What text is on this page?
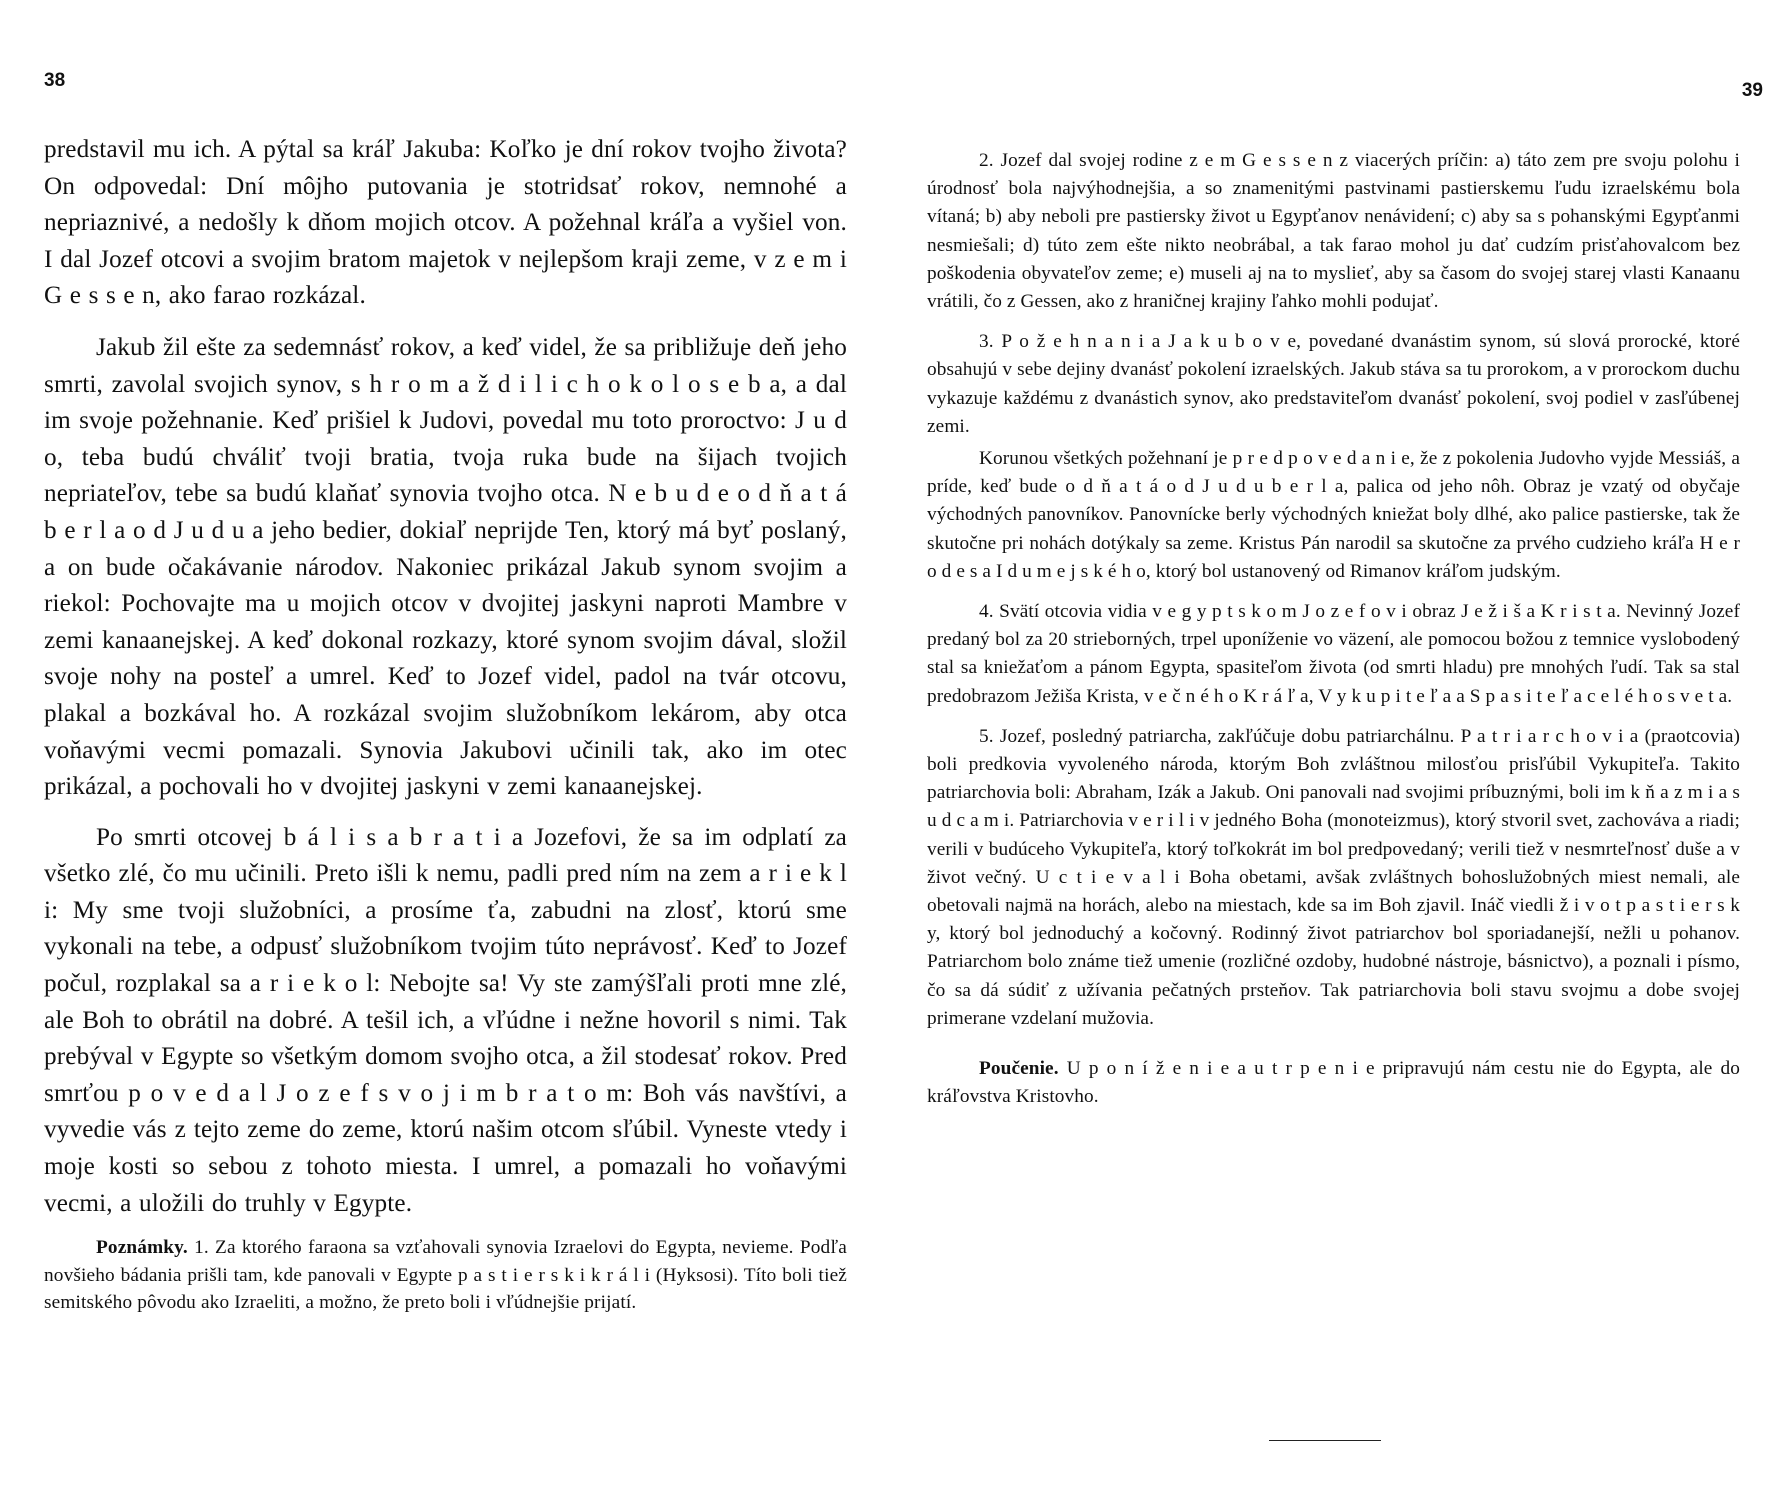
38

predstavil mu ich. A pýtal sa kráľ Jakuba: Koľko je dní rokov tvojho života? On odpovedal: Dní môjho putovania je stotridsať rokov, nemnohé a nepriaznivé, a nedošly k dňom mojich otcov. A požehnal kráľa a vyšiel von. I dal Jozef otcovi a svojim bratom majetok v nejlepšom kraji zeme, v z e m i G e s s e n, ako farao rozkázal.

Jakub žil ešte za sedemnásť rokov, a keď videl, že sa približuje deň jeho smrti, zavolal svojich synov, s h r o m a ž d i l i c h o k o l o s e b a, a dal im svoje požehnanie. Keď prišiel k Judovi, povedal mu toto proroctvo: J u d o, teba budú chváliť tvoji bratia, tvoja ruka bude na šijach tvojich nepriateľov, tebe sa budú klaňať synovia tvojho otca. N e b u d e o d ň a t á b e r l a o d J u d u a jeho bedier, dokiaľ neprijde Ten, ktorý má byť poslaný, a on bude očakávanie národov. Nakoniec prikázal Jakub synom svojim a riekol: Pochovajte ma u mojich otcov v dvojitej jaskyni naproti Mambre v zemi kanaanejskej. A keď dokonal rozkazy, ktoré synom svojim dával, složil svoje nohy na posteľ a umrel. Keď to Jozef videl, padol na tvár otcovu, plakal a bozkával ho. A rozkázal svojim služobníkom lekárom, aby otca voňavými vecmi pomazali. Synovia Jakubovi učinili tak, ako im otec prikázal, a pochovali ho v dvojitej jaskyni v zemi kanaanejskej.

Po smrti otcovej b á l i s a b r a t i a Jozefovi, že sa im odplatí za všetko zlé, čo mu učinili. Preto išli k nemu, padli pred ním na zem a r i e k l i: My sme tvoji služobníci, a prosíme ťa, zabudni na zlosť, ktorú sme vykonali na tebe, a odpusť služobníkom tvojim túto neprávosť. Keď to Jozef počul, rozplakal sa a r i e k o l: Nebojte sa! Vy ste zamýšľali proti mne zlé, ale Boh to obrátil na dobré. A tešil ich, a vľúdne i nežne hovoril s nimi. Tak prebýval v Egypte so všetkým domom svojho otca, a žil stodesať rokov. Pred smrťou p o v e d a l J o z e f s v o j i m b r a t o m: Boh vás navštívi, a vyvedie vás z tejto zeme do zeme, ktorú našim otcom sľúbil. Vyneste vtedy i moje kosti so sebou z tohoto miesta. I umrel, a pomazali ho voňavými vecmi, a uložili do truhly v Egypte.

Poznámky. 1. Za ktorého faraona sa vzťahovali synovia Izraelovi do Egypta, nevieme. Podľa novšieho bádania prišli tam, kde panovali v Egypte p a s t i e r s k i k r á l i (Hyksosi). Títo boli tiež semitského pôvodu ako Izraeliti, a možno, že preto boli i vľúdnejšie prijatí.

39

2. Jozef dal svojej rodine z e m G e s s e n z viacerých príčin: a) táto zem pre svoju polohu i úrodnosť bola najvýhodnejšia, a so znamenitými pastvinami pastierskemu ľudu izraelskému bola vítaná; b) aby neboli pre pastiersky život u Egypťanov nenávidení; c) aby sa s pohanskými Egypťanmi nesmiešali; d) túto zem ešte nikto neobrábal, a tak farao mohol ju dať cudzím prisťahovalcom bez poškodenia obyvateľov zeme; e) museli aj na to myslieť, aby sa časom do svojej starej vlasti Kanaanu vrátili, čo z Gessen, ako z hraničnej krajiny ľahko mohli podujať.

3. P o ž e h n a n i a J a k u b o v e, povedané dvanástim synom, sú slová prorocké, ktoré obsahujú v sebe dejiny dvanásť pokolení izraelských. Jakub stáva sa tu prorokom, a v prorockom duchu vykazuje každému z dvanástich synov, ako predstaviteľom dvanásť pokolení, svoj podiel v zasľúbenej zemi.

Korunou všetkých požehnaní je p r e d p o v e d a n i e, že z pokolenia Judovho vyjde Messiáš, a príde, keď bude o d ň a t á o d J u d u b e r l a, palica od jeho nôh. Obraz je vzatý od obyčaje východných panovníkov. Panovnícke berly východných kniežat boly dlhé, ako palice pastierske, tak že skutočne pri nohách dotýkaly sa zeme. Kristus Pán narodil sa skutočne za prvého cudzieho kráľa H e r o d e s a I d u m e j s k é h o, ktorý bol ustanovený od Rimanov kráľom judským.

4. Svätí otcovia vidia v e g y p t s k o m J o z e f o v i obraz J e ž i š a K r i s t a. Nevinný Jozef predaný bol za 20 strieborných, trpel uponíženie vo väzení, ale pomocou božou z temnice vyslobodený stal sa kniežaťom a pánom Egypta, spasiteľom života (od smrti hladu) pre mnohých ľudí. Tak sa stal predobrazom Ježiša Krista, v e č n é h o K r á ľ a, V y k u p i t e ľ a a S p a s i t e ľ a c e l é h o s v e t a.

5. Jozef, posledný patriarcha, zakľúčuje dobu patriarchálnu. P a t r i a r c h o v i a (praotcovia) boli predkovia vyvoleného národa, ktorým Boh zvláštnou milosťou prisľúbil Vykupiteľa. Takito patriarchovia boli: Abraham, Izák a Jakub. Oni panovali nad svojimi príbuznými, boli im k ň a z m i a s u d c a m i. Patriarchovia v e r i l i v jedného Boha (monoteizmus), ktorý stvoril svet, zachováva a riadi; verili v budúceho Vykupiteľa, ktorý toľkokrát im bol predpovedaný; verili tiež v nesmrteľnosť duše a v život večný. U c t i e v a l i Boha obetami, avšak zvláštnych bohoslužobných miest nemali, ale obetovali najmä na horách, alebo na miestach, kde sa im Boh zjavil. Ináč viedli ž i v o t p a s t i e r s k y, ktorý bol jednoduchý a kočovný. Rodinný život patriarchov bol sporiadanejší, nežli u pohanov. Patriarchom bolo známe tiež umenie (rozličné ozdoby, hudobné nástroje, básnictvo), a poznali i písmo, čo sa dá súdiť z užívania pečatných prsteňov. Tak patriarchovia boli stavu svojmu a dobe svojej primerane vzdelaní mužovia.

Poučenie. U p o n í ž e n i e a u t r p e n i e pripravujú nám cestu nie do Egypta, ale do kráľovstva Kristovho.
